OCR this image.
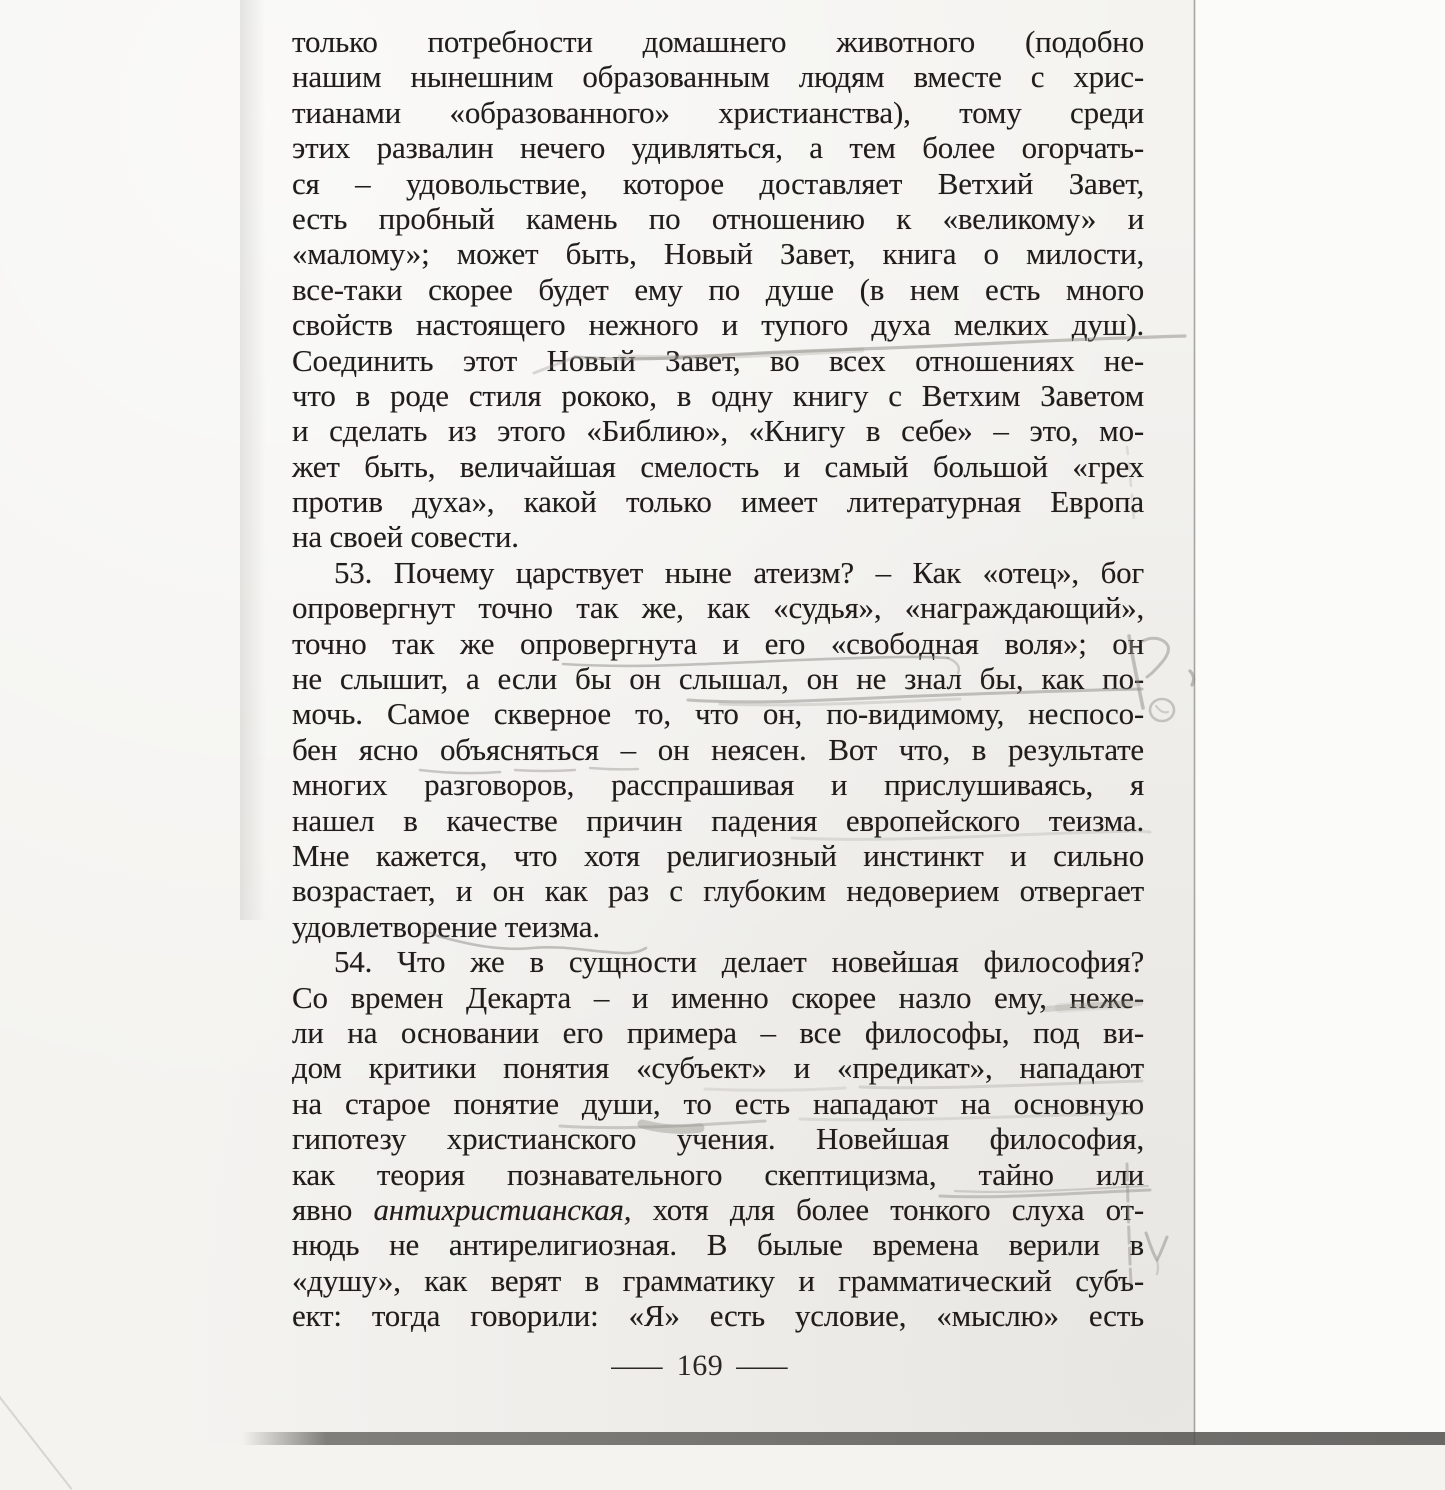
только потребности домашнего животного (подобно
нашим нынешним образованным людям вместе с хрис-
тианами «образованного» христианства), тому среди
этих развалин нечего удивляться, а тем более огорчать-
ся – удовольствие, которое доставляет Ветхий Завет,
есть пробный камень по отношению к «великому» и
«малому»; может быть, Новый Завет, книга о милости,
все-таки скорее будет ему по душе (в нем есть много
свойств настоящего нежного и тупого духа мелких душ).
Соединить этот Новый Завет, во всех отношениях не-
что в роде стиля рококо, в одну книгу с Ветхим Заветом
и сделать из этого «Библию», «Книгу в себе» – это, мо-
жет быть, величайшая смелость и самый большой «грех
против духа», какой только имеет литературная Европа
на своей совести.
53. Почему царствует ныне атеизм? – Как «отец», бог
опровергнут точно так же, как «судья», «награждающий»,
точно так же опровергнута и его «свободная воля»; он
не слышит, а если бы он слышал, он не знал бы, как по-
мочь. Самое скверное то, что он, по-видимому, неспосо-
бен ясно объясняться – он неясен. Вот что, в результате
многих разговоров, расспрашивая и прислушиваясь, я
нашел в качестве причин падения европейского теизма.
Мне кажется, что хотя религиозный инстинкт и сильно
возрастает, и он как раз с глубоким недоверием отвергает
удовлетворение теизма.
54. Что же в сущности делает новейшая философия?
Со времен Декарта – и именно скорее назло ему, неже-
ли на основании его примера – все философы, под ви-
дом критики понятия «субъект» и «предикат», нападают
на старое понятие души, то есть нападают на основную
гипотезу христианского учения. Новейшая философия,
как теория познавательного скептицизма, тайно или
явно антихристианская, хотя для более тонкого слуха от-
нюдь не антирелигиозная. В былые времена верили в
«душу», как верят в грамматику и грамматический субъ-
ект: тогда говорили: «Я» есть условие, «мыслю» есть
— 169 —
